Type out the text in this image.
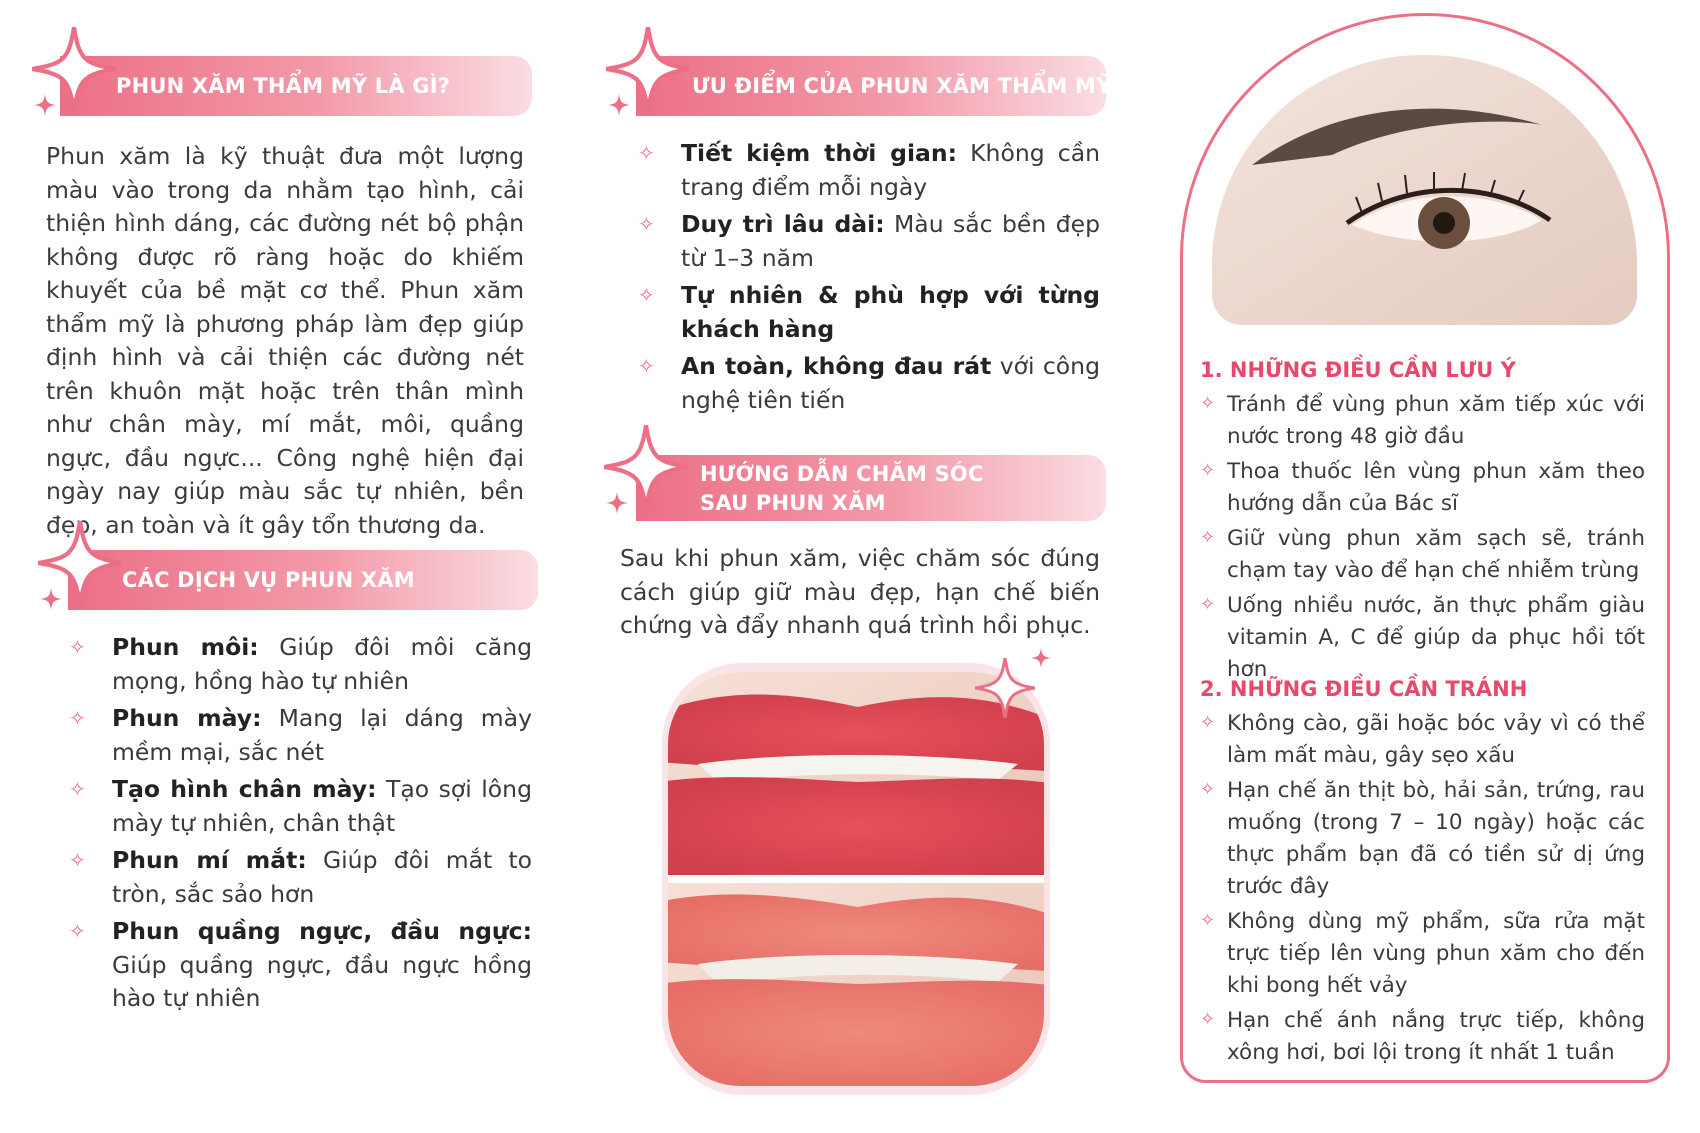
PHUN XĂM THẨM MỸ LÀ GÌ?
Phun xăm là kỹ thuật đưa một lượng màu vào trong da nhằm tạo hình, cải thiện hình dáng, các đường nét bộ phận không được rõ ràng hoặc do khiếm khuyết của bề mặt cơ thể. Phun xăm thẩm mỹ là phương pháp làm đẹp giúp định hình và cải thiện các đường nét trên khuôn mặt hoặc trên thân mình như chân mày, mí mắt, môi, quầng ngực, đầu ngực... Công nghệ hiện đại ngày nay giúp màu sắc tự nhiên, bền đẹp, an toàn và ít gây tổn thương da.
CÁC DỊCH VỤ PHUN XĂM
✧ Phun môi: Giúp đôi môi căng mọng, hồng hào tự nhiên
✧ Phun mày: Mang lại dáng mày mềm mại, sắc nét
✧ Tạo hình chân mày: Tạo sợi lông mày tự nhiên, chân thật
✧ Phun mí mắt: Giúp đôi mắt to tròn, sắc sảo hơn
✧ Phun quầng ngực, đầu ngực: Giúp quầng ngực, đầu ngực hồng hào tự nhiên
ƯU ĐIỂM CỦA PHUN XĂM THẨM MỸ
✧ Tiết kiệm thời gian: Không cần trang điểm mỗi ngày
✧ Duy trì lâu dài: Màu sắc bền đẹp từ 1–3 năm
✧ Tự nhiên & phù hợp với từng khách hàng
✧ An toàn, không đau rát với công nghệ tiên tiến
HƯỚNG DẪN CHĂM SÓC
SAU PHUN XĂM
Sau khi phun xăm, việc chăm sóc đúng cách giúp giữ màu đẹp, hạn chế biến chứng và đẩy nhanh quá trình hồi phục.
1. NHỮNG ĐIỀU CẦN LƯU Ý
✧ Tránh để vùng phun xăm tiếp xúc với nước trong 48 giờ đầu
✧ Thoa thuốc lên vùng phun xăm theo hướng dẫn của Bác sĩ
✧ Giữ vùng phun xăm sạch sẽ, tránh chạm tay vào để hạn chế nhiễm trùng
✧ Uống nhiều nước, ăn thực phẩm giàu vitamin A, C để giúp da phục hồi tốt hơn
2. NHỮNG ĐIỀU CẦN TRÁNH
✧ Không cào, gãi hoặc bóc vảy vì có thể làm mất màu, gây sẹo xấu
✧ Hạn chế ăn thịt bò, hải sản, trứng, rau muống (trong 7 – 10 ngày) hoặc các thực phẩm bạn đã có tiền sử dị ứng trước đây
✧ Không dùng mỹ phẩm, sữa rửa mặt trực tiếp lên vùng phun xăm cho đến khi bong hết vảy
✧ Hạn chế ánh nắng trực tiếp, không xông hơi, bơi lội trong ít nhất 1 tuần
